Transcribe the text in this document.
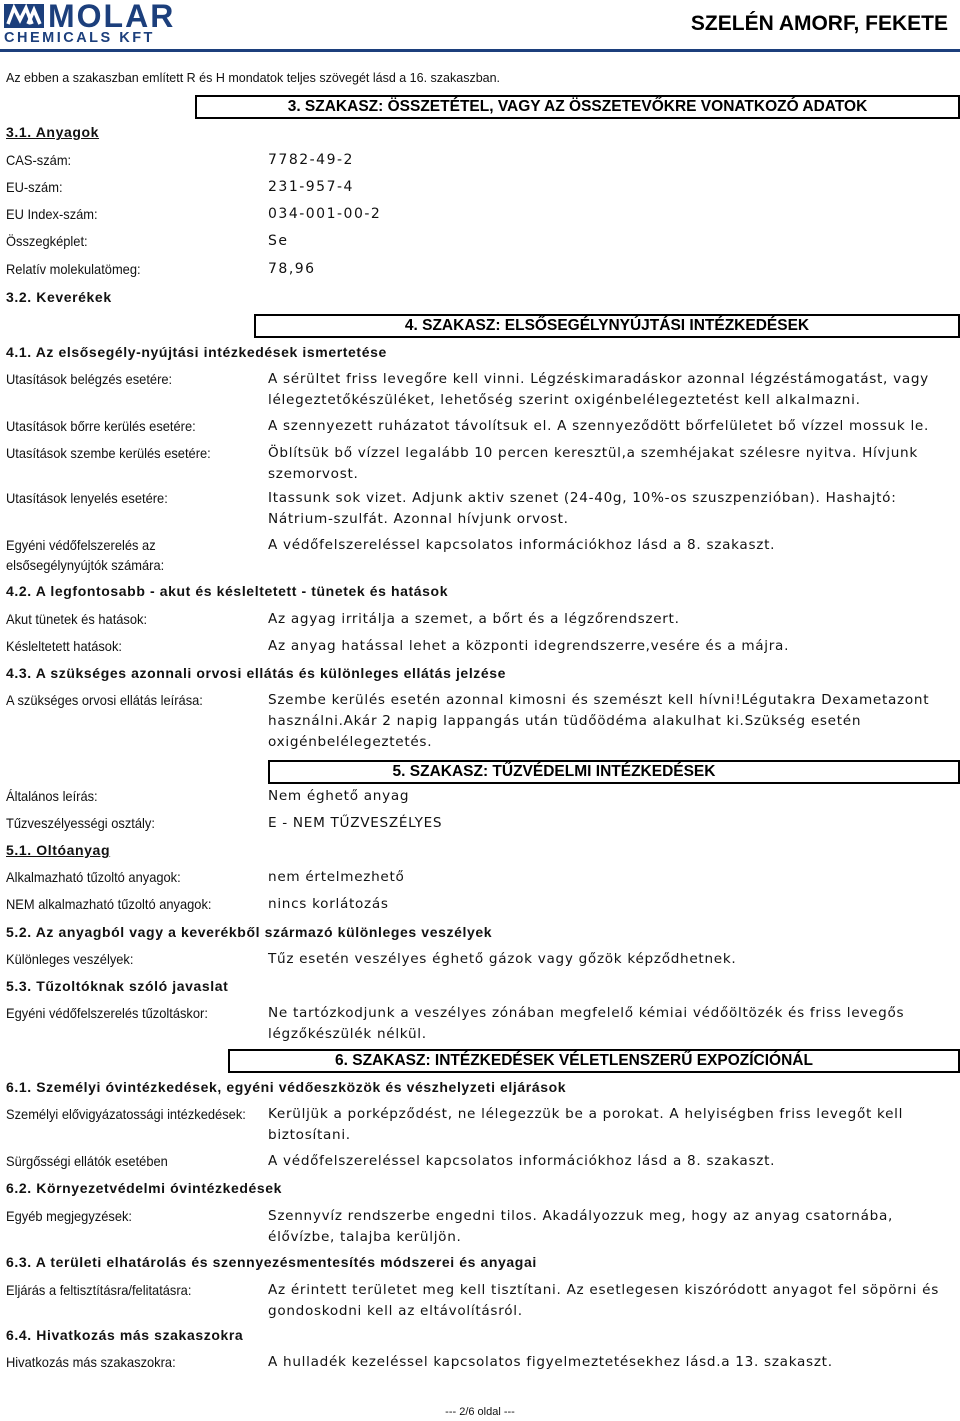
MOLAR
CHEMICALS KFT
SZELÉN AMORF, FEKETE
Az ebben a szakaszban említett R és H mondatok teljes szövegét lásd a 16. szakaszban.
3. SZAKASZ: ÖSSZETÉTEL, VAGY AZ ÖSSZETEVŐKRE VONATKOZÓ ADATOK
3.1. Anyagok
CAS-szám:	7782-49-2
EU-szám:	231-957-4
EU Index-szám:	034-001-00-2
Összegképlet:	Se
Relatív molekulatömeg:	78,96
3.2. Keverékek
4. SZAKASZ: ELSŐSEGÉLYNYÚJTÁSI INTÉZKEDÉSEK
4.1. Az elsősegély-nyújtási intézkedések ismertetése
Utasítások belégzés esetére:	A sérültet friss levegőre kell vinni. Légzéskimaradáskor azonnal légzéstámogatást, vagy lélegeztetőkészüléket, lehetőség szerint oxigénbelélegeztetést kell alkalmazni.
Utasítások bőrre kerülés esetére:	A szennyezett ruházatot távolítsuk el. A szennyeződött bőrfelületet bő vízzel mossuk le.
Utasítások szembe kerülés esetére:	Öblítsük bő vízzel legalább 10 percen keresztül,a szemhéjakat szélesre nyitva. Hívjunk szemorvost.
Utasítások lenyelés esetére:	Itassunk sok vizet. Adjunk aktiv szenet (24-40g, 10%-os szuszpenzióban). Hashajtó: Nátrium-szulfát. Azonnal hívjunk orvost.
Egyéni védőfelszerelés az
elsősegélynyújtók számára:
A védőfelszereléssel kapcsolatos információkhoz lásd a 8. szakaszt.
4.2. A legfontosabb - akut és késleltetett - tünetek és hatások
Akut tünetek és hatások:	Az agyag irritálja a szemet, a bőrt és a légzőrendszert.
Késleltetett hatások:	Az anyag hatással lehet a központi idegrendszerre,vesére és a májra.
4.3. A szükséges azonnali orvosi ellátás és különleges ellátás jelzése
A szükséges orvosi ellátás leírása:	Szembe kerülés esetén azonnal kimosni és szemészt kell hívni!Légutakra Dexametazont használni.Akár 2 napig lappangás után tüdőödéma alakulhat ki.Szükség esetén oxigénbelélegeztetés.
5. SZAKASZ: TŰZVÉDELMI INTÉZKEDÉSEK
Általános leírás:	Nem éghető anyag
Tűzveszélyességi osztály:	E - NEM TŰZVESZÉLYES
5.1. Oltóanyag
Alkalmazható tűzoltó anyagok:	nem értelmezhető
NEM alkalmazható tűzoltó anyagok:	nincs korlátozás
5.2. Az anyagból vagy a keverékből származó különleges veszélyek
Különleges veszélyek:	Tűz esetén veszélyes éghető gázok vagy gőzök képződhetnek.
5.3. Tűzoltóknak szóló javaslat
Egyéni védőfelszerelés tűzoltáskor:	Ne tartózkodjunk a veszélyes zónában megfelelő kémiai védőöltözék és friss levegős légzőkészülék nélkül.
6. SZAKASZ: INTÉZKEDÉSEK VÉLETLENSZERŰ EXPOZÍCIÓNÁL
6.1. Személyi óvintézkedések, egyéni védőeszközök és vészhelyzeti eljárások
Személyi elővigyázatossági intézkedések: Kerüljük a porképződést, ne lélegezzük be a porokat. A helyiségben friss levegőt kell biztosítani.
Sürgősségi ellátók esetében	A védőfelszereléssel kapcsolatos információkhoz lásd a 8. szakaszt.
6.2. Környezetvédelmi óvintézkedések
Egyéb megjegyzések:	Szennyvíz rendszerbe engedni tilos. Akadályozzuk meg, hogy az anyag csatornába, élővízbe, talajba kerüljön.
6.3. A területi elhatárolás és szennyezésmentesítés módszerei és anyagai
Eljárás a feltisztításra/felitatásra:	Az érintett területet meg kell tisztítani. Az esetlegesen kiszóródott anyagot fel söpörni és gondoskodni kell az eltávolításról.
6.4. Hivatkozás más szakaszokra
Hivatkozás más szakaszokra:	A hulladék kezeléssel kapcsolatos figyelmeztetésekhez lásd.a 13. szakaszt.
--- 2/6 oldal ---
